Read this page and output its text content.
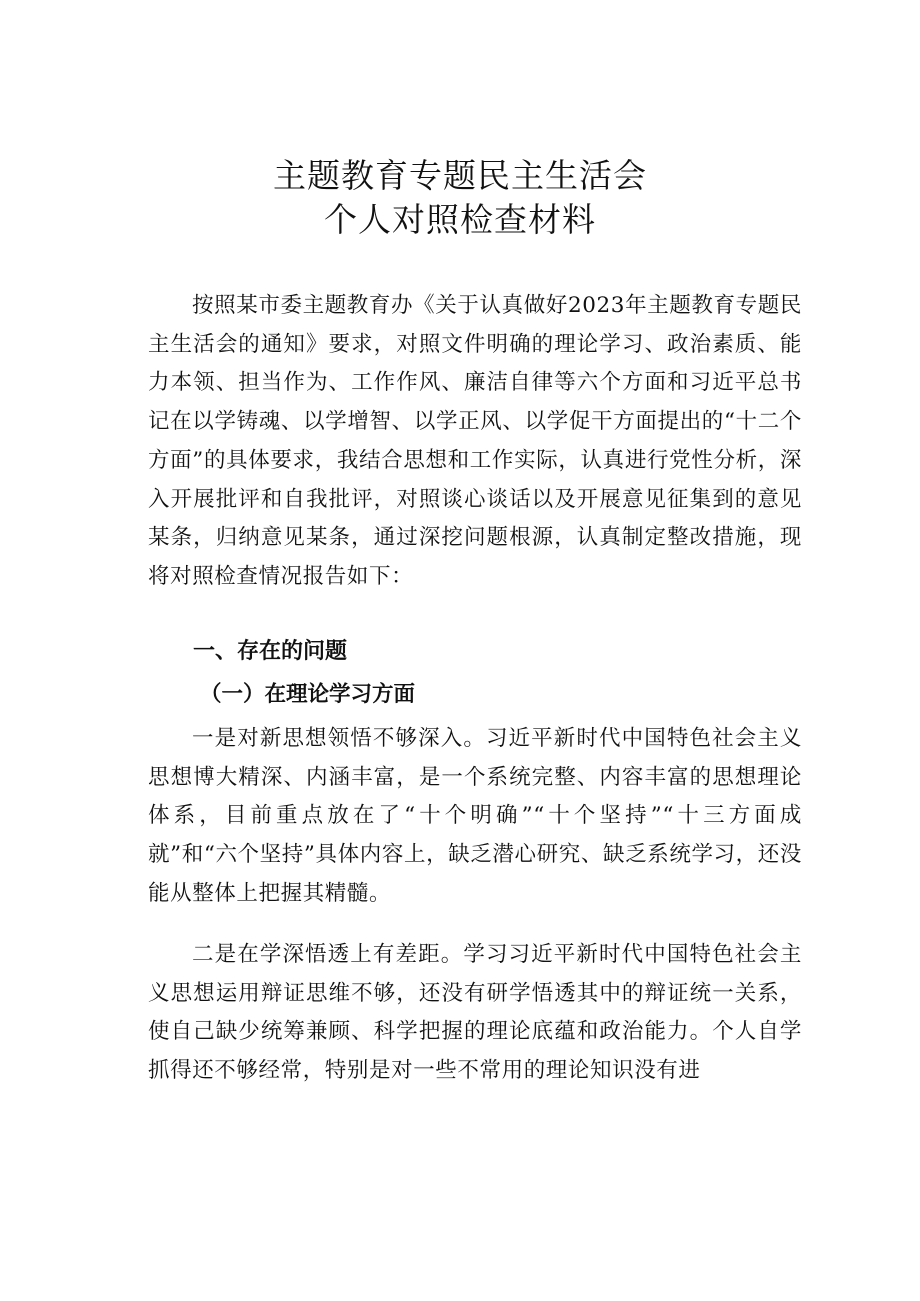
主题教育专题民主生活会
个人对照检查材料

按照某市委主题教育办《关于认真做好2023年主题教育专题民主生活会的通知》要求，对照文件明确的理论学习、政治素质、能力本领、担当作为、工作作风、廉洁自律等六个方面和习近平总书记在以学铸魂、以学增智、以学正风、以学促干方面提出的“十二个方面”的具体要求，我结合思想和工作实际，认真进行党性分析，深入开展批评和自我批评，对照谈心谈话以及开展意见征集到的意见某条，归纳意见某条，通过深挖问题根源，认真制定整改措施，现将对照检查情况报告如下：

一、存在的问题
（一）在理论学习方面

一是对新思想领悟不够深入。习近平新时代中国特色社会主义思想博大精深、内涵丰富，是一个系统完整、内容丰富的思想理论体系，目前重点放在了“十个明确”“十个坚持”“十三方面成就”和“六个坚持”具体内容上，缺乏潜心研究、缺乏系统学习，还没能从整体上把握其精髓。

二是在学深悟透上有差距。学习习近平新时代中国特色社会主义思想运用辩证思维不够，还没有研学悟透其中的辩证统一关系，使自己缺少统筹兼顾、科学把握的理论底蕴和政治能力。个人自学抓得还不够经常，特别是对一些不常用的理论知识没有进
